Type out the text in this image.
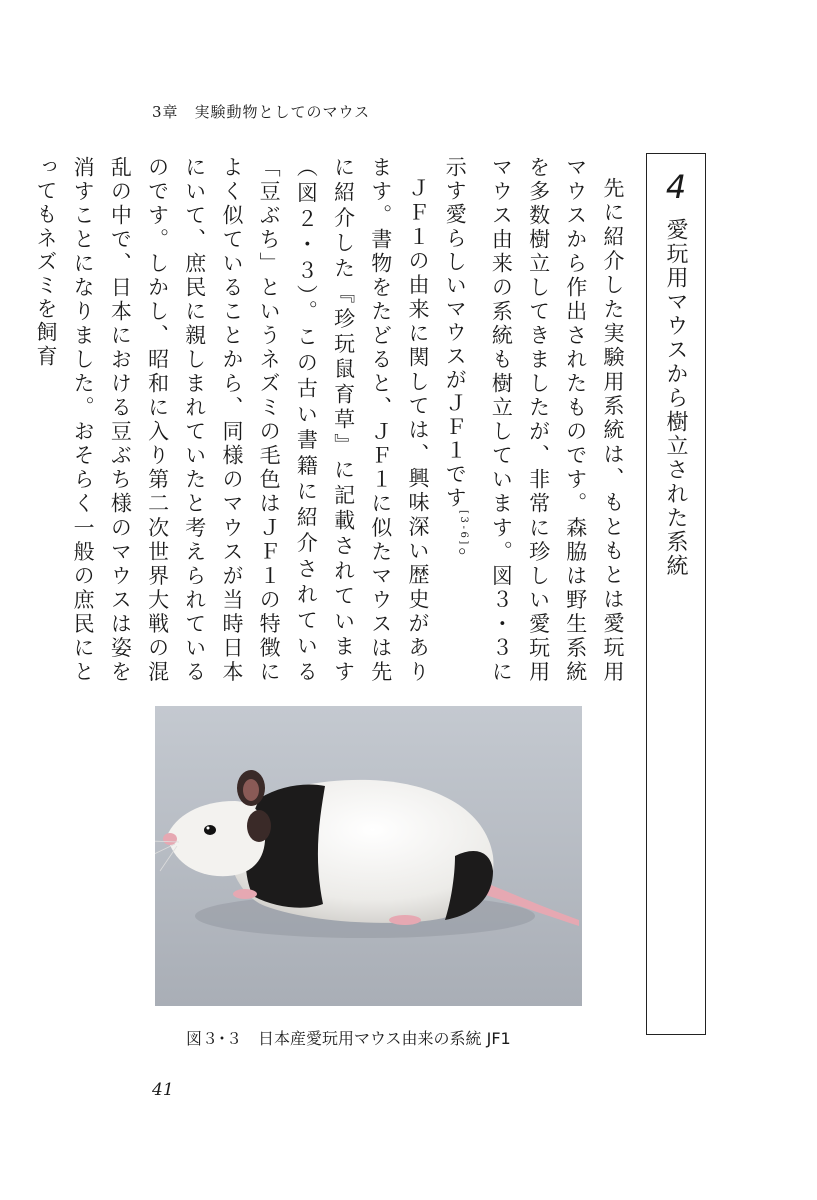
3章　実験動物としてのマウス
4
愛玩用マウスから樹立された系統

先に紹介した実験用系統は、もともとは愛玩用マウスから作出されたものです。森脇は野生系統を多数樹立してきましたが、非常に珍しい愛玩用マウス由来の系統も樹立しています。図３・３に示す愛らしいマウスがＪＦ１です[3-6]。

ＪＦ１の由来に関しては、興味深い歴史があります。書物をたどると、ＪＦ１に似たマウスは先に紹介した『珍玩鼠育草』に記載されています（図２・３）。この古い書籍に紹介されている「豆ぶち」というネズミの毛色はＪＦ１の特徴によく似ていることから、同様のマウスが当時日本にいて、庶民に親しまれていたと考えられているのです。しかし、昭和に入り第二次世界大戦の混乱の中で、日本における豆ぶち様のマウスは姿を消すことになりました。おそらく一般の庶民にとってもネズミを飼育

図３･３ 日本産愛玩用マウス由来の系統 JF1
41
